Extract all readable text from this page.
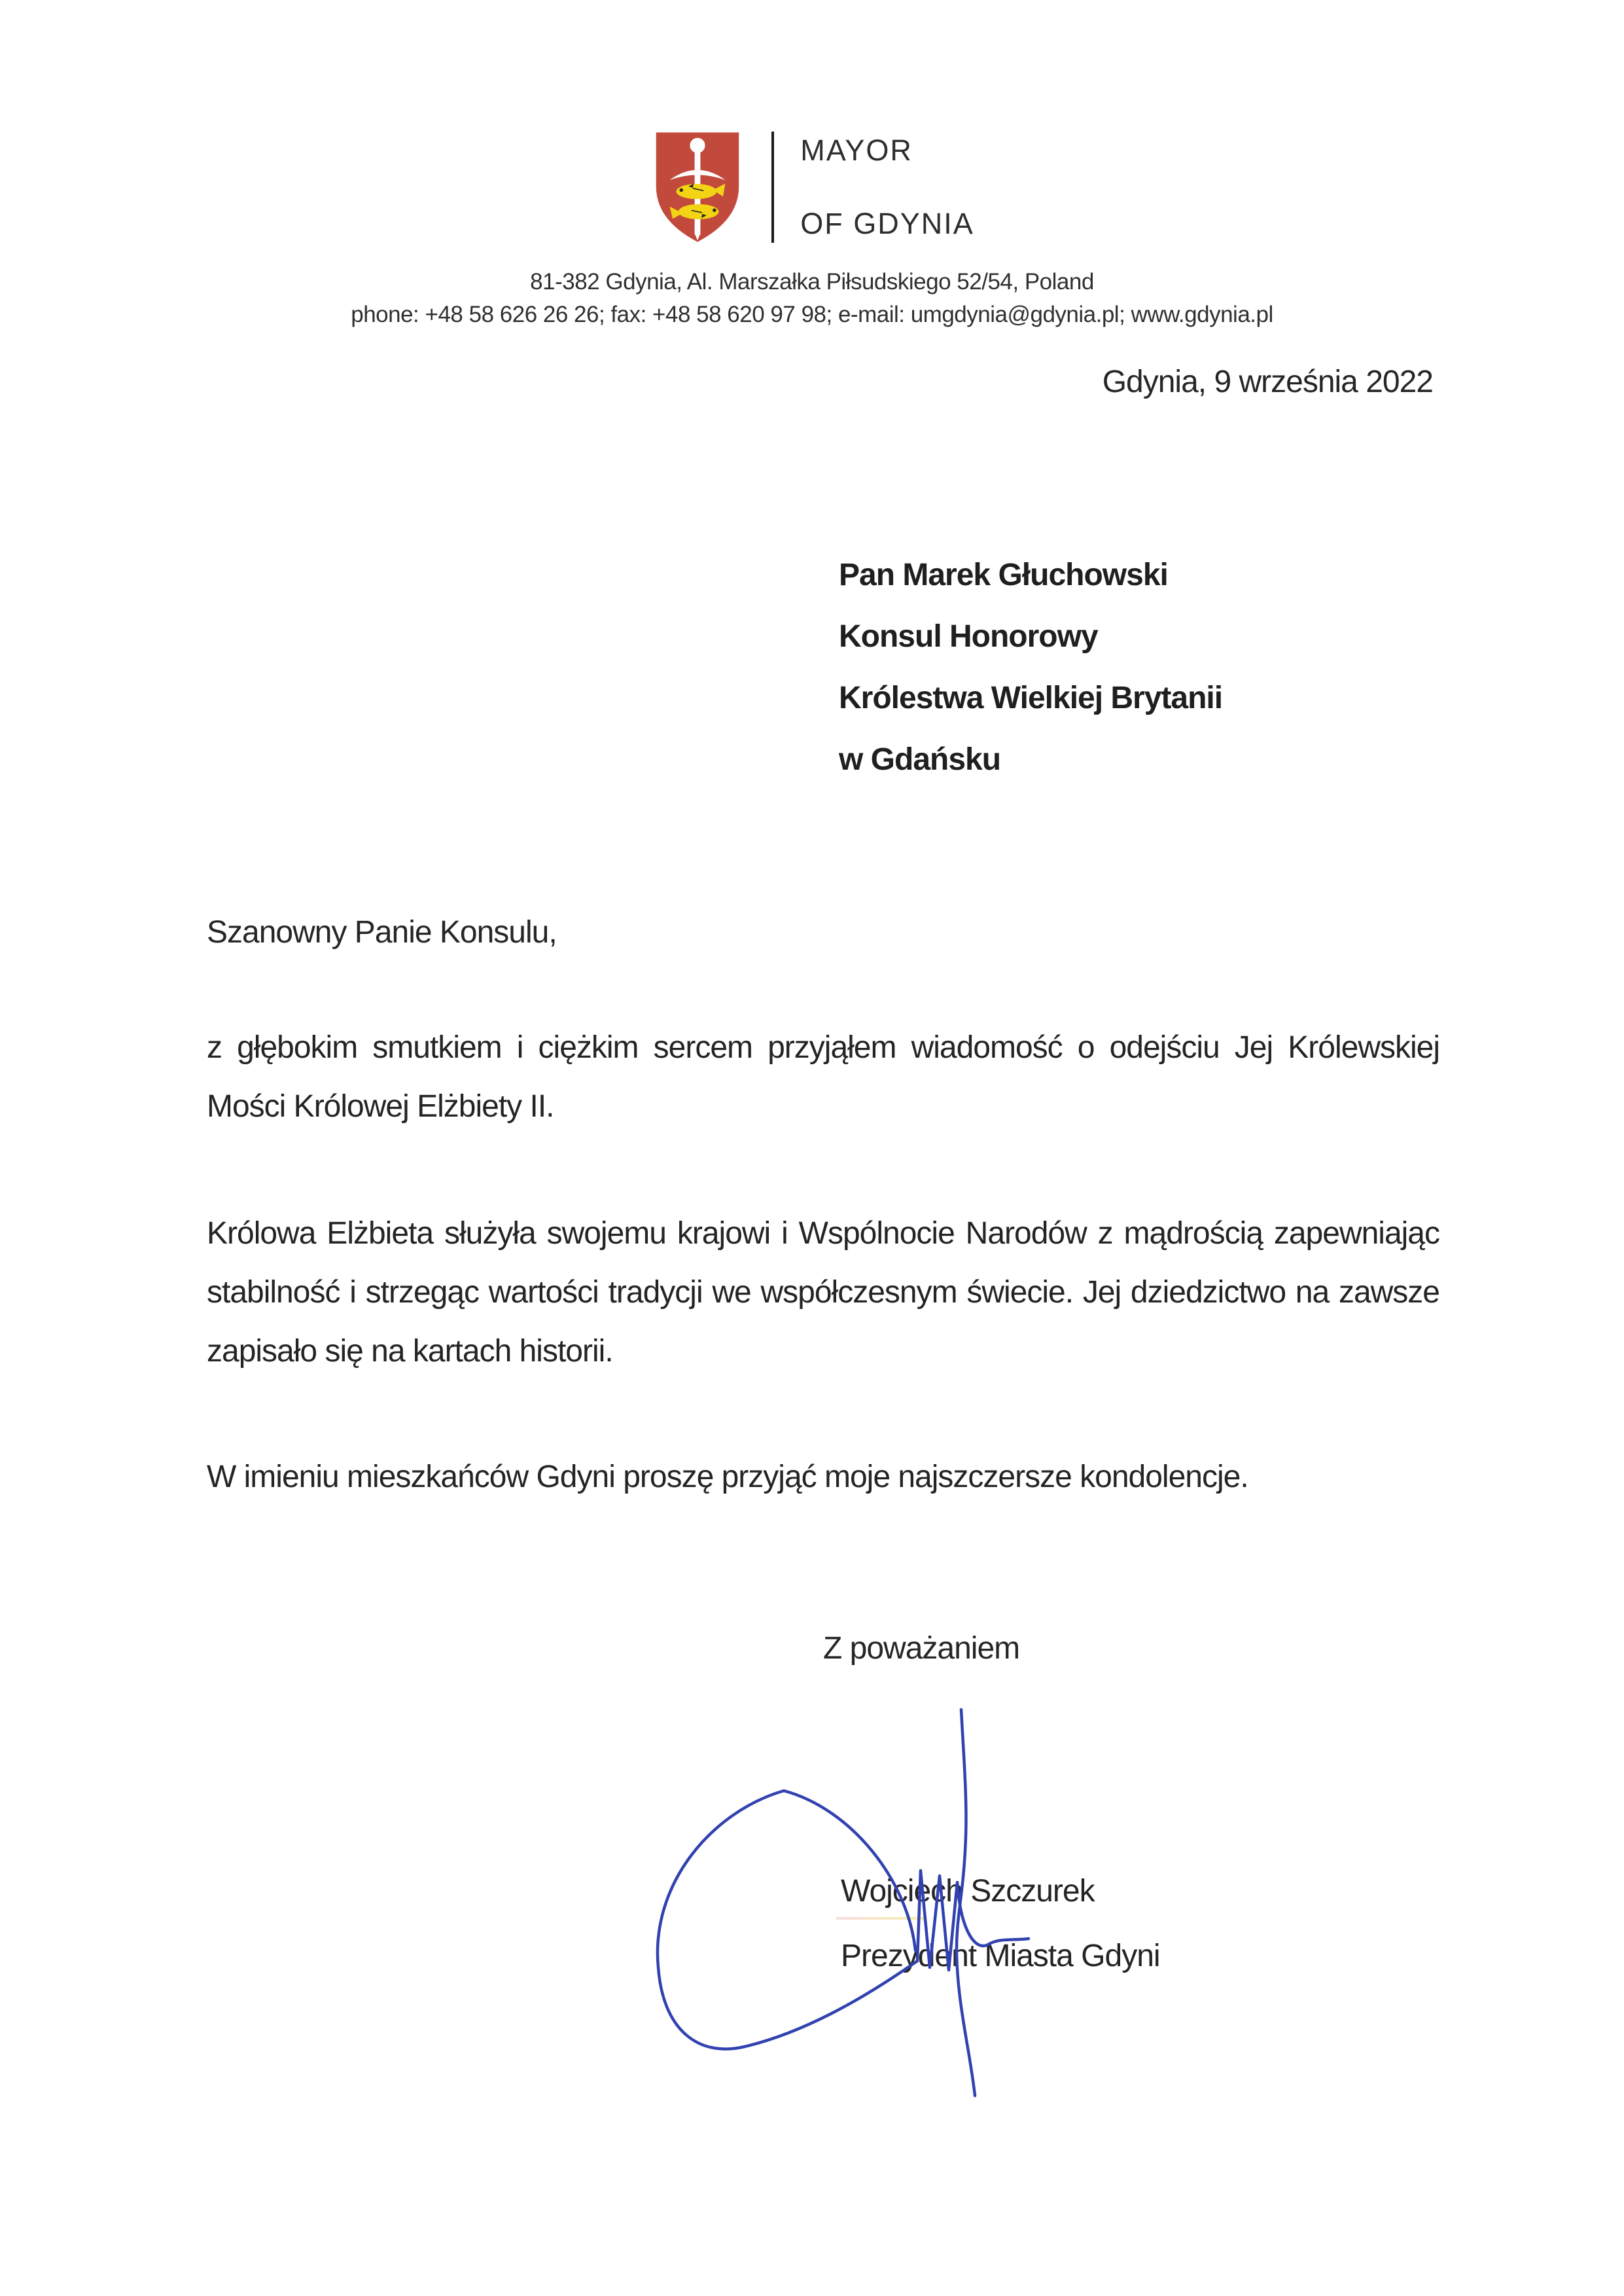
MAYOR

OF GDYNIA

81-382 Gdynia, Al. Marszałka Piłsudskiego 52/54, Poland
phone: +48 58 626 26 26; fax: +48 58 620 97 98; e-mail: umgdynia@gdynia.pl; www.gdynia.pl
Gdynia, 9 września 2022
Pan Marek Głuchowski
Konsul Honorowy
Królestwa Wielkiej Brytanii
w Gdańsku
Szanowny Panie Konsulu,
z głębokim smutkiem i ciężkim sercem przyjąłem wiadomość o odejściu Jej Królewskiej Mości Królowej Elżbiety II.
Królowa Elżbieta służyła swojemu krajowi i Wspólnocie Narodów z mądrością zapewniając stabilność i strzegąc wartości tradycji we współczesnym świecie. Jej dziedzictwo na zawsze zapisało się na kartach historii.
W imieniu mieszkańców Gdyni proszę przyjąć moje najszczersze kondolencje.
Z poważaniem
Wojciech Szczurek
Prezydent Miasta Gdyni
